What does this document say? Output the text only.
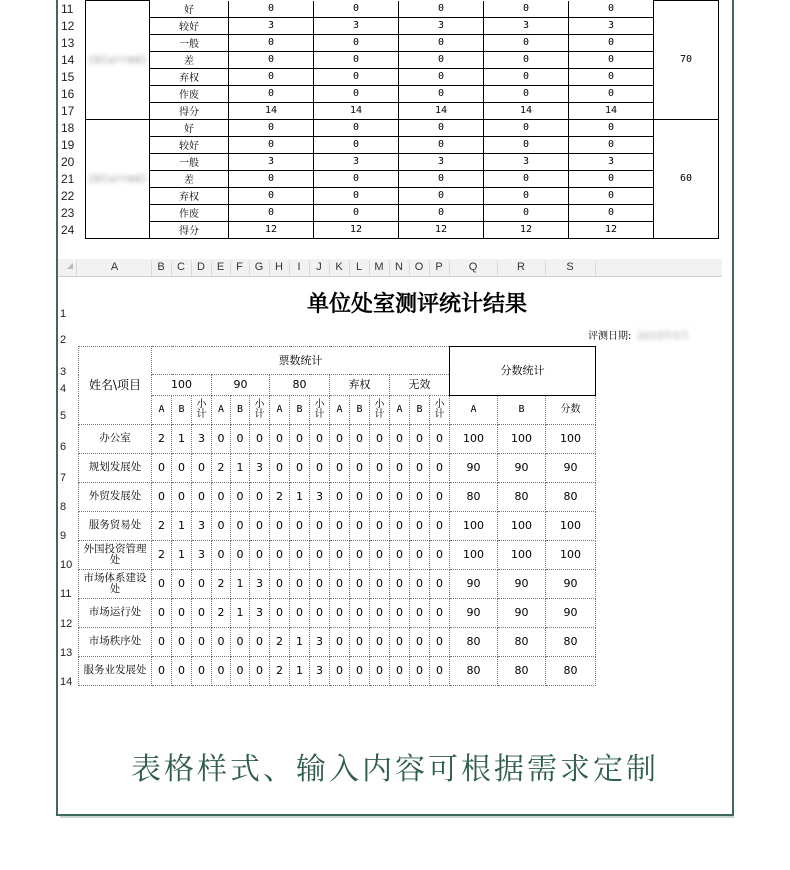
11	(blurred)	好	0	0	0	0	0	70
12		较好	3	3	3	3	3	
13		一般	0	0	0	0	0	
14		差	0	0	0	0	0	
15		弃权	0	0	0	0	0	
16		作废	0	0	0	0	0	
17		得分	14	14	14	14	14	
18	(blurred)	好	0	0	0	0	0	60
19		较好	0	0	0	0	0	
20		一般	3	3	3	3	3	
21		差	0	0	0	0	0	
22		弃权	0	0	0	0	0	
23		作废	0	0	0	0	0	
24		得分	12	12	12	12	12	
◢	A	B	C	D	E	F	G	H	I	J	K	L	M	N	O	P	Q	R	S
1
2
3
4
5
6
7
8
9
10
11
12
13
14
单位处室测评统计结果
评测日期: 2023年5月
姓名\项目	票数统计															分数统计		
	100			90			80			弃权			无效					
	A	B	小计	A	B	小计	A	B	小计	A	B	小计	A	B	小计	A	B	分数
办公室	2	1	3	0	0	0	0	0	0	0	0	0	0	0	0	100	100	100
规划发展处	0	0	0	2	1	3	0	0	0	0	0	0	0	0	0	90	90	90
外贸发展处	0	0	0	0	0	0	2	1	3	0	0	0	0	0	0	80	80	80
服务贸易处	2	1	3	0	0	0	0	0	0	0	0	0	0	0	0	100	100	100
外国投资管理处	2	1	3	0	0	0	0	0	0	0	0	0	0	0	0	100	100	100
市场体系建设处	0	0	0	2	1	3	0	0	0	0	0	0	0	0	0	90	90	90
市场运行处	0	0	0	2	1	3	0	0	0	0	0	0	0	0	0	90	90	90
市场秩序处	0	0	0	0	0	0	2	1	3	0	0	0	0	0	0	80	80	80
服务业发展处	0	0	0	0	0	0	2	1	3	0	0	0	0	0	0	80	80	80
表格样式、输入内容可根据需求定制
